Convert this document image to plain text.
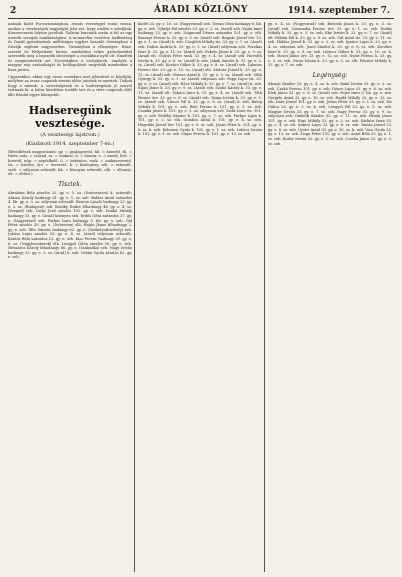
2	ÁRADI KÖZLÖNY	1914. szeptember 7.

naknak Kolot Porosztományban, rózsás versséggel vonul viszza, amikor a veszteségek nagyságát jelzi ezt, hogy ezidén a sztrájkok. Kiszervezzeni folyton javultak. Galiciai harcaink során is fel az egy osztrák seregek munkásságára. A monarchia vezetése Auffenberg és Dankl gyözelmének méltóságos ügyhez hasonló Ormányban a Sztrájk segíteni nagyszerűen. Ormányban a ellenséges. Haza-szerető és Helyenként fontos, amelyeken teljes győzelmekkel szerezték meg a legszebb dicsőséget a csatákban nyílt ott. Emeltek és megmentették azt. Dicsőségben a szolgálatok, amelyek a magyar nép szabadságát és boldogulását megvédik mindenkor a haza javára.

Ugyanekkor, akkor egy orosz vezérkari tiszt jelentését is közöljük, melyben az orosz csapatok szerint előre jutottak és nyertek. Tudjuk hogy a mieink, a szövetségesek és a hadseregeink jó szívvel tartanak ki. A bátor küzdelem tovább tart és a vitéz csapatok előtt álló feladat egyre könnyebb.

Hadseregünk vesztesége.
(A veszteségi lajstrom.)
(Kiadatott 1914. szeptember 7-én.)

(Rövidítések magyarázata: gy. = gyalogezred, hb. = honvéd, tb. = tüzér, száz. = század, sz. = szakasz, h. = huszár, e. = ezred, hvd. = honvéd, nép. = népfelkelő, ö. = önkéntes, szak. = szakaszvezető, tiz. = tizedes, őrv. = őrvezető, k. = közlegény, seb. = sebesült, szeb. = súlyosan sebesült, kb. = könnyen sebesült, elh. = elhunyt, elt. = eltűnt.)

Tisztek.

Ábrahám Béla zászlós 32. gy. e. 5. sz. (Szászvárosi) k. sebesült. Almasi Károly hadnagy 61. gy. e. 1. sz. seb. Balázs Antal százados 4. hb. gy. e. 3. sz. súlyosan sebesült. Bencze László hadnagy 23. gy. e. 2. sz. (Budapest) seb. Bozóky Endre főhadnagy 46. gy. e. 4. sz. (Szeged) seb. Csiky Jenő zászlós 101. gy. e. seb. Dankó Mihály hadnagy 33. gy. e. (Arad) könnyen seb. Erdős Géza százados 37. gy. e. (Nagyvárad) seb. Farkas Imre hadnagy 5. hb. gy. e. seb. Gál Péter zászlós 39. gy. e. (Debrecen) elh. Hajdu János főhadnagy 2. gy. e. seb. Illés Sándor hadnagy 82. gy. e. (Székelyudvarhely) seb. Juhász Lajos zászlós 33. gy. e. 8. sz. (Arad) súlyosan sebesült. Kántor Béla százados 12. gy. e. seb. Kiss Ferenc hadnagy 29. gy. e. 6. sz. (Nagybecskerek) elh. Lengyel Ödön zászlós 50. gy. e. seb. Mészáros Károly főhadnagy 86. gy. e. (Szabadka) seb. Nagy István hadnagy 33. gy. e. 3. sz. (Arad) k. seb. Orbán Gyula zászlós 62. gy. e. seb.

kadét 33. gy. e. 10. sz. (Nagyvárad) seb. Tornai Géza hadnagy 6. hb. gy. e. seb. Ujhelyi Pál zászlós 33. gy. e. 2. sz. (Arad) seb. Vajda Imre hadnagy 23. gy. e. seb. Zsigmond Dénes százados 101. gy. e. elh. Baranyi Ferenc k. 33. gy. e. 5. sz. (Arad) seb. Bognár József őrv. 33. gy. e. 1. sz. (Arad) k. seb. Czeglédi Mihály tiz. 33. gy. e. 7. sz. (Arad) seb. Dobos András k. 33. gy. e. 3. sz. (Arad) súlyosan seb. Fazekas Imre k. 33. gy. e. 11. sz. (Arad) seb. Fekete János k. 33. gy. e. 9. sz. (Arad) elt. Gulyás Péter szak. 33. gy. e. 4. sz. (Arad) seb. Horváth István k. 33. gy. e. 6. sz. (Arad) k. seb. Jakab Sándor k. 33. gy. e. 2. sz. (Arad) seb. Kovács Gábor k. 33. gy. e. 8. sz. (Arad) seb. Lakatos Ferenc őrv. 33. gy. e. 10. sz. (Arad) elh. Molnár József k. 33. gy. e. 12. sz. (Arad) seb. Nemes Antal k. 33. gy. e. 5. sz. (Arad) seb. Oláh György k. 33. gy. e. 1. sz. (Arad) súlyosan seb. Papp Lajos tiz. 33. gy. e. 3. sz. (Arad) seb. Rácz Mihály k. 33. gy. e. 7. sz. (Arad) k. seb. Sipos János k. 33. gy. e. 9. sz. (Arad) seb. Szabó Károly k. 33. gy. e. 11. sz. (Arad) elt. Takács Imre k. 33. gy. e. 4. sz. (Arad) seb. Tóth Ferenc őrv. 33. gy. e. 6. sz. (Arad) seb. Varga István k. 33. gy. e. 2. sz. (Arad) seb. Vincze Pál k. 33. gy. e. 8. sz. (Arad) k. seb. Balog Mihály k. 101. gy. e. seb. Bíró Ferenc k. 101. gy. e. 3. sz. seb. Csonka János k. 101. gy. e. 5. sz. súlyosan seb. Deák Imre tiz. 101. gy. e. seb. Erdélyi Sándor k. 101. gy. e. 7. sz. seb. Farkas Lajos k. 101. gy. e. 2. sz. elh. Gombos Antal k. 101. gy. e. 4. sz. seb. Hegedűs József őrv. 101. gy. e. 6. sz. seb. Jónás Péter k. 101. gy. e. 8. sz. k. seb. Kelemen Gyula k. 101. gy. e. 1. sz. seb. Lukács István k. 101. gy. e. 9. sz. seb. Major Ferenc k. 101. gy. e. 10. sz. seb.

gy. e. 4. sz. (Nagyvárad) seb. Bencsik János k. 33. gy. e. 3. sz. (Arad) seb. Csizmadia Ferenc őrv. 33. gy. e. 1. sz. seb. Dudás Mihály k. 33. gy. e. 5. sz. seb. Eke István k. 33. gy. e. 7. sz. (Arad) elt. Fábián Pál k. 33. gy. e. 9. sz. seb. Gál Antal tiz. 33. gy. e. 11. sz. seb. Halász József k. 33. gy. e. 2. sz. seb. Ignácz Lajos k. 33. gy. e. 4. sz. súlyosan seb. Jenei Sándor k. 33. gy. e. 6. sz. seb. Kerekes Imre k. 33. gy. e. 8. sz. seb. Lőrincz Gábor k. 33. gy. e. 10. sz. k. seb. Mezei János őrv. 33. gy. e. 12. sz. seb. Nyári Ferenc k. 33. gy. e. 3. sz. seb. Orosz István k. 33. gy. e. 5. sz. elh. Pásztor Mihály k. 33. gy. e. 7. sz. seb.

Legénység:

Abonyi Sándor 33. gy. e. 4. sz. k. seb. Bakó István 33. gy. e. 2. sz. seb. Czakó Ferenc 101. gy. e. seb. Dénes Lajos 33. gy. e. 6. sz. seb. Elek János 33. gy. e. 8. sz. (Arad) seb. Fejes Imre 5. hb. gy. e. seb. Gergely Antal 33. gy. e. 10. sz. seb. Hajdú Mihály 33. gy. e. 12. sz. elh. Imre József 101. gy. e. seb. Juhos Péter 33. gy. e. 1. sz. seb. Kis Gábor 33. gy. e. 3. sz. k. seb. Lengyel Pál 33. gy. e. 5. sz. seb. Magyar István 33. gy. e. 7. sz. seb. Nagy Ferenc 33. gy. e. 9. sz. súlyosan seb. Ombódi Sándor 33. gy. e. 11. sz. seb. Pataki János 101. gy. e. seb. Rigó Mihály 33. gy. e. 2. sz. seb. Sárközi Imre 33. gy. e. 4. sz. elt. Szántó Lajos 33. gy. e. 6. sz. seb. Tamás József 33. gy. e. 8. sz. seb. Újvári Antal 33. gy. e. 10. sz. k. seb. Vass Gyula 33. gy. e. 12. sz. seb. Zsiga Péter 101. gy. e. seb. Antal Béla 33. gy. e. 1. sz. seb. Bodor István 33. gy. e. 3. sz. seb. Csorba János 33. gy. e. 5. sz. seb.
